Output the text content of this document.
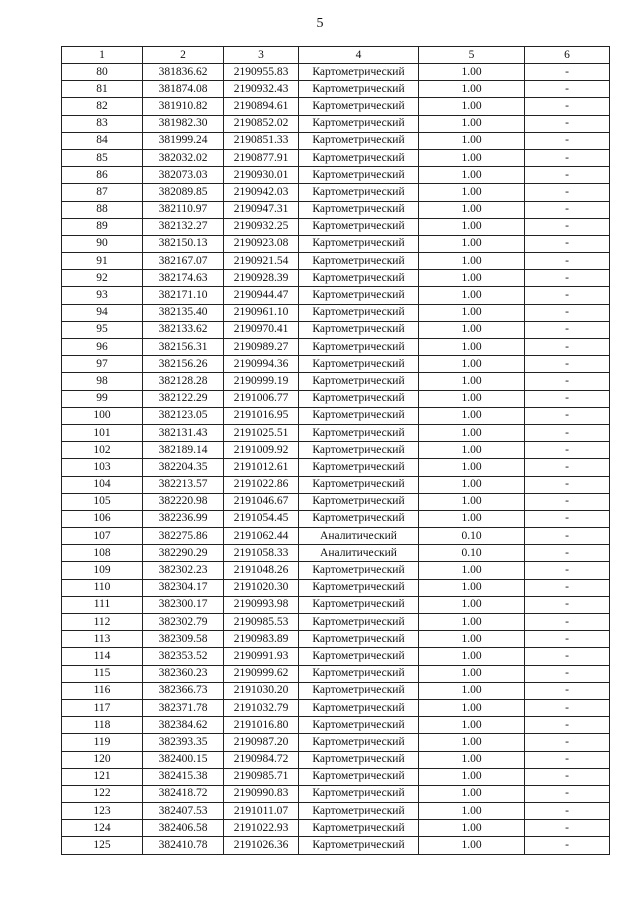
5
1	2	3	4	5	6
80	381836.62	2190955.83	Картометрический	1.00	-
81	381874.08	2190932.43	Картометрический	1.00	-
82	381910.82	2190894.61	Картометрический	1.00	-
83	381982.30	2190852.02	Картометрический	1.00	-
84	381999.24	2190851.33	Картометрический	1.00	-
85	382032.02	2190877.91	Картометрический	1.00	-
86	382073.03	2190930.01	Картометрический	1.00	-
87	382089.85	2190942.03	Картометрический	1.00	-
88	382110.97	2190947.31	Картометрический	1.00	-
89	382132.27	2190932.25	Картометрический	1.00	-
90	382150.13	2190923.08	Картометрический	1.00	-
91	382167.07	2190921.54	Картометрический	1.00	-
92	382174.63	2190928.39	Картометрический	1.00	-
93	382171.10	2190944.47	Картометрический	1.00	-
94	382135.40	2190961.10	Картометрический	1.00	-
95	382133.62	2190970.41	Картометрический	1.00	-
96	382156.31	2190989.27	Картометрический	1.00	-
97	382156.26	2190994.36	Картометрический	1.00	-
98	382128.28	2190999.19	Картометрический	1.00	-
99	382122.29	2191006.77	Картометрический	1.00	-
100	382123.05	2191016.95	Картометрический	1.00	-
101	382131.43	2191025.51	Картометрический	1.00	-
102	382189.14	2191009.92	Картометрический	1.00	-
103	382204.35	2191012.61	Картометрический	1.00	-
104	382213.57	2191022.86	Картометрический	1.00	-
105	382220.98	2191046.67	Картометрический	1.00	-
106	382236.99	2191054.45	Картометрический	1.00	-
107	382275.86	2191062.44	Аналитический	0.10	-
108	382290.29	2191058.33	Аналитический	0.10	-
109	382302.23	2191048.26	Картометрический	1.00	-
110	382304.17	2191020.30	Картометрический	1.00	-
111	382300.17	2190993.98	Картометрический	1.00	-
112	382302.79	2190985.53	Картометрический	1.00	-
113	382309.58	2190983.89	Картометрический	1.00	-
114	382353.52	2190991.93	Картометрический	1.00	-
115	382360.23	2190999.62	Картометрический	1.00	-
116	382366.73	2191030.20	Картометрический	1.00	-
117	382371.78	2191032.79	Картометрический	1.00	-
118	382384.62	2191016.80	Картометрический	1.00	-
119	382393.35	2190987.20	Картометрический	1.00	-
120	382400.15	2190984.72	Картометрический	1.00	-
121	382415.38	2190985.71	Картометрический	1.00	-
122	382418.72	2190990.83	Картометрический	1.00	-
123	382407.53	2191011.07	Картометрический	1.00	-
124	382406.58	2191022.93	Картометрический	1.00	-
125	382410.78	2191026.36	Картометрический	1.00	-
